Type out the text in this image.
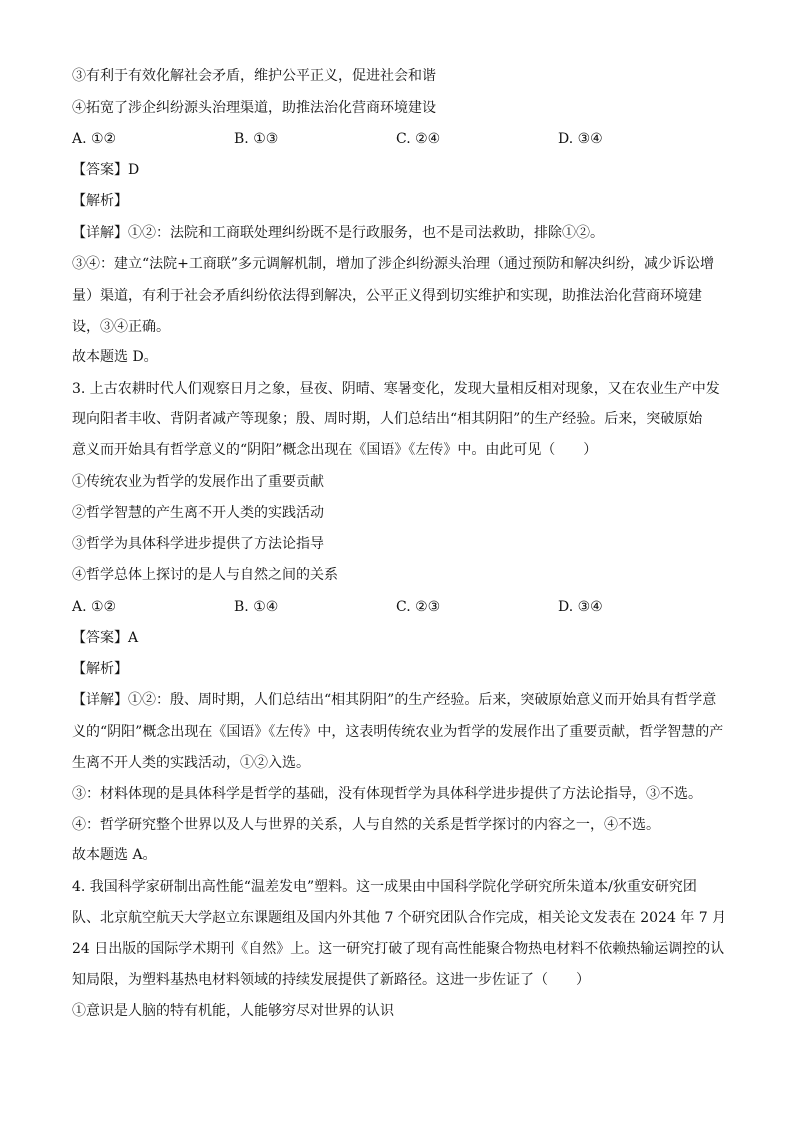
③有利于有效化解社会矛盾，维护公平正义，促进社会和谐
④拓宽了涉企纠纷源头治理渠道，助推法治化营商环境建设
A. ①②	B. ①③	C. ②④	D. ③④
【答案】D
【解析】
【详解】①②：法院和工商联处理纠纷既不是行政服务，也不是司法救助，排除①②。
③④：建立“法院+工商联”多元调解机制，增加了涉企纠纷源头治理（通过预防和解决纠纷，减少诉讼增
量）渠道，有利于社会矛盾纠纷依法得到解决，公平正义得到切实维护和实现，助推法治化营商环境建
设，③④正确。
故本题选 D。
3. 上古农耕时代人们观察日月之象，昼夜、阴晴、寒暑变化，发现大量相反相对现象，又在农业生产中发
现向阳者丰收、背阴者减产等现象；殷、周时期，人们总结出“相其阴阳”的生产经验。后来，突破原始
意义而开始具有哲学意义的“阴阳”概念出现在《国语》《左传》中。由此可见（　　）
①传统农业为哲学的发展作出了重要贡献
②哲学智慧的产生离不开人类的实践活动
③哲学为具体科学进步提供了方法论指导
④哲学总体上探讨的是人与自然之间的关系
A. ①②	B. ①④	C. ②③	D. ③④
【答案】A
【解析】
【详解】①②：殷、周时期，人们总结出“相其阴阳”的生产经验。后来，突破原始意义而开始具有哲学意
义的“阴阳”概念出现在《国语》《左传》中，这表明传统农业为哲学的发展作出了重要贡献，哲学智慧的产
生离不开人类的实践活动，①②入选。
③：材料体现的是具体科学是哲学的基础，没有体现哲学为具体科学进步提供了方法论指导，③不选。
④：哲学研究整个世界以及人与世界的关系，人与自然的关系是哲学探讨的内容之一，④不选。
故本题选 A。
4. 我国科学家研制出高性能“温差发电”塑料。这一成果由中国科学院化学研究所朱道本/狄重安研究团
队、北京航空航天大学赵立东课题组及国内外其他 7 个研究团队合作完成，相关论文发表在 2024 年 7 月
24 日出版的国际学术期刊《自然》上。这一研究打破了现有高性能聚合物热电材料不依赖热输运调控的认
知局限，为塑料基热电材料领域的持续发展提供了新路径。这进一步佐证了（　　）
①意识是人脑的特有机能，人能够穷尽对世界的认识
